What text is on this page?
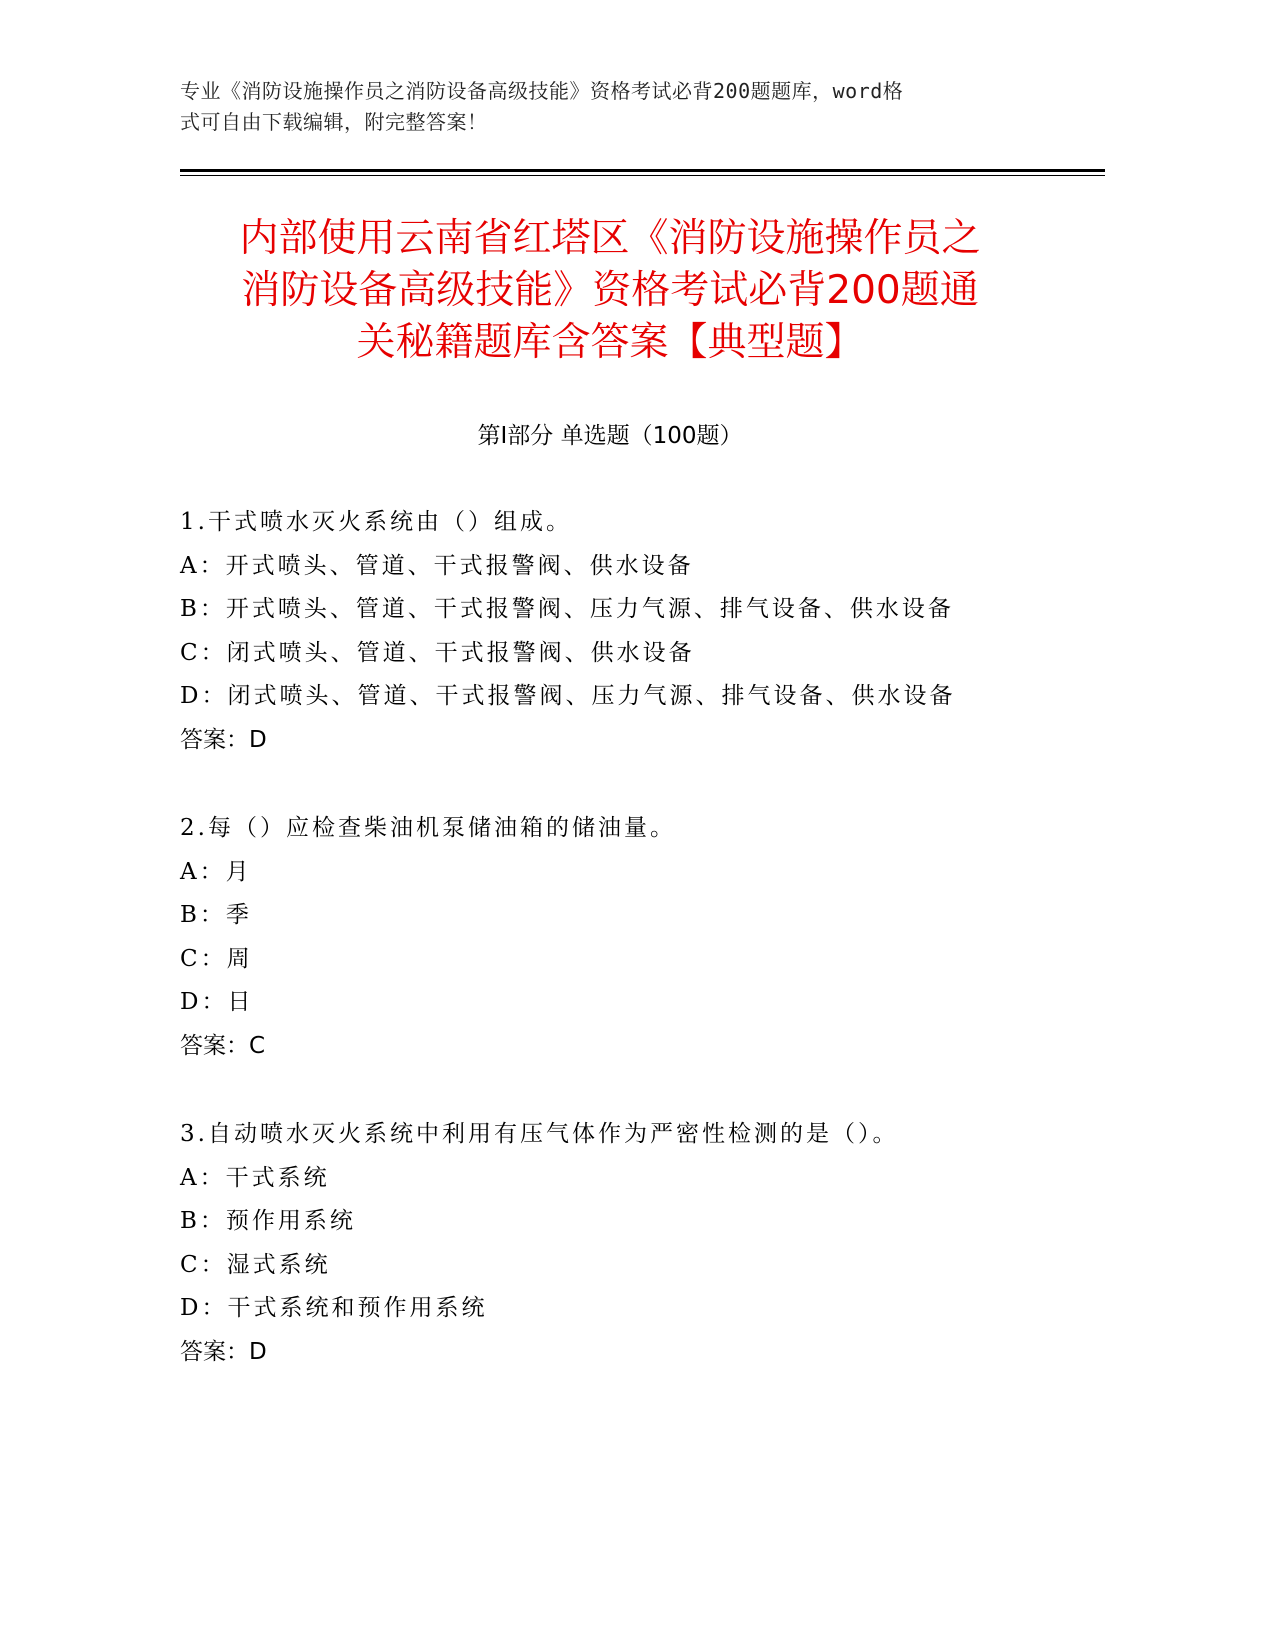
专业《消防设施操作员之消防设备高级技能》资格考试必背200题题库，word格
式可自由下载编辑，附完整答案！
内部使用云南省红塔区《消防设施操作员之
消防设备高级技能》资格考试必背200题通
关秘籍题库含答案【典型题】
第Ⅰ部分 单选题（100题）
1.干式喷水灭火系统由（）组成。
A：开式喷头、管道、干式报警阀、供水设备
B：开式喷头、管道、干式报警阀、压力气源、排气设备、供水设备
C：闭式喷头、管道、干式报警阀、供水设备
D：闭式喷头、管道、干式报警阀、压力气源、排气设备、供水设备
答案：D
2.每（）应检查柴油机泵储油箱的储油量。
A：月
B：季
C：周
D：日
答案：C
3.自动喷水灭火系统中利用有压气体作为严密性检测的是（）。
A：干式系统
B：预作用系统
C：湿式系统
D：干式系统和预作用系统
答案：D
